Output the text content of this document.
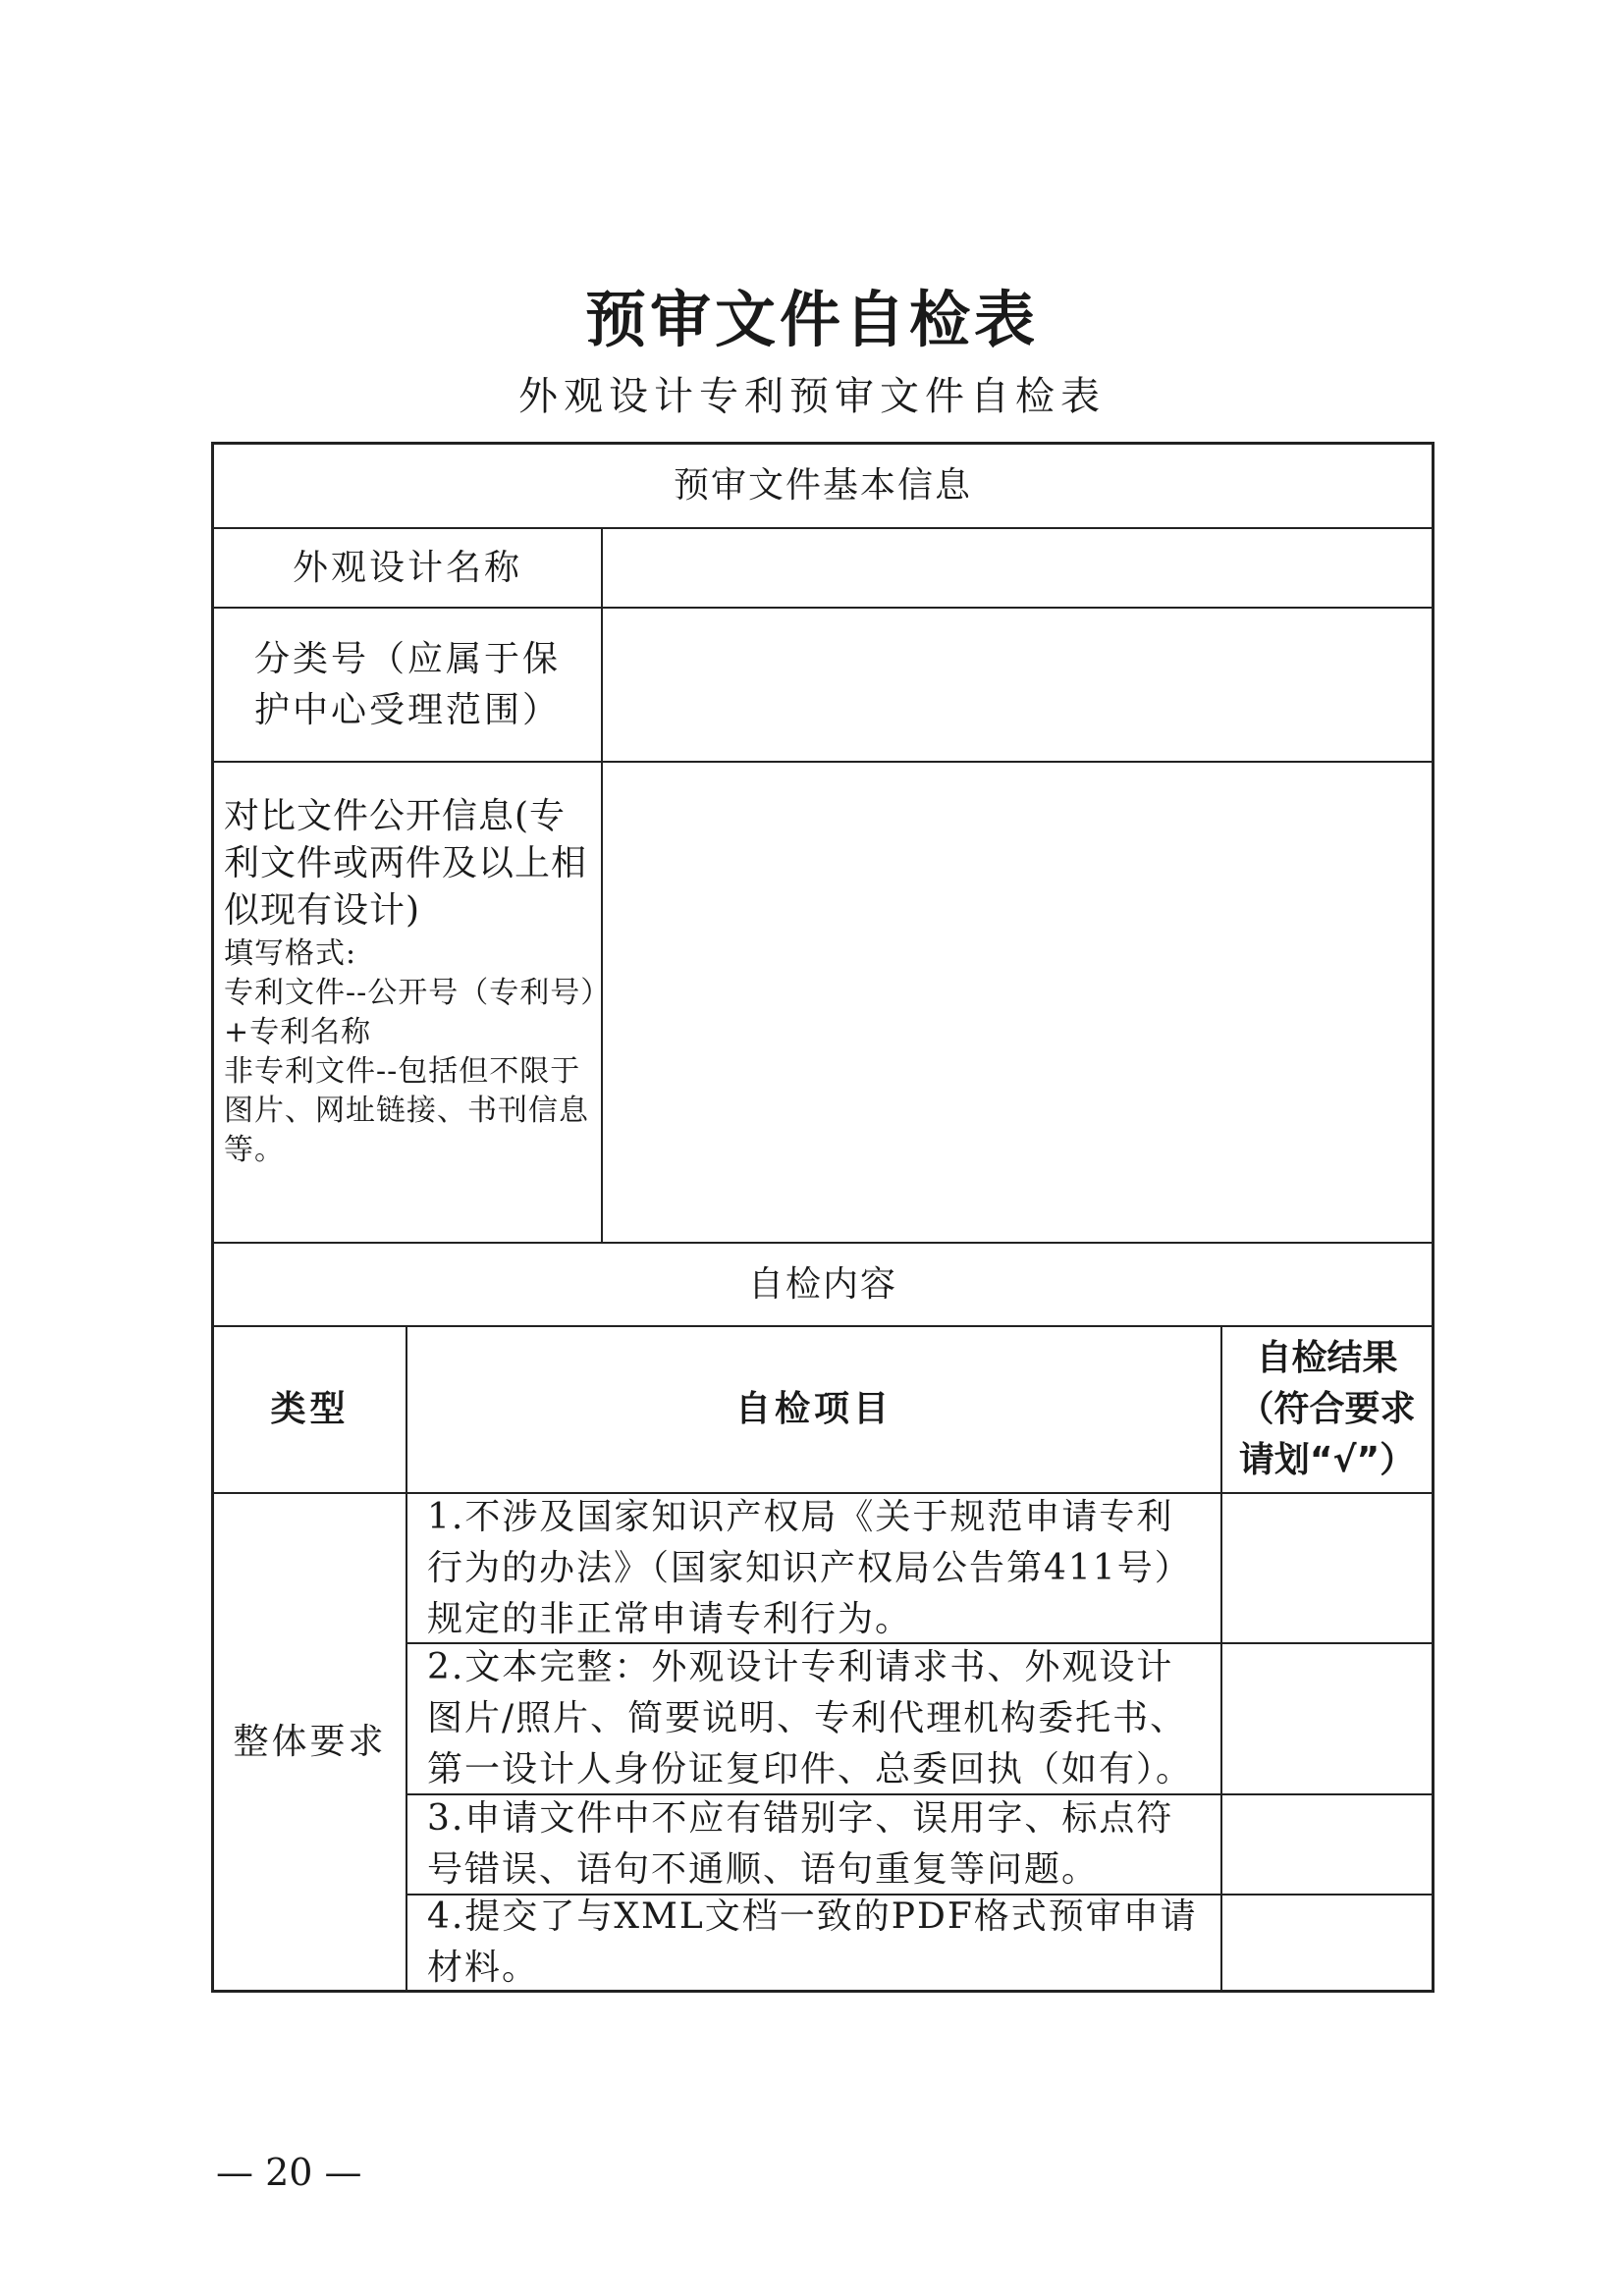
预审文件自检表
外观设计专利预审文件自检表
预审文件基本信息
外观设计名称
分类号（应属于保护中心受理范围）
对比文件公开信息(专利文件或两件及以上相似现有设计)
填写格式:
专利文件--公开号（专利号）+专利名称
非专利文件--包括但不限于图片、网址链接、书刊信息等。
自检内容
类型	自检项目
自检结果（符合要求请划“√”）
整体要求
1.不涉及国家知识产权局《关于规范申请专利行为的办法》（国家知识产权局公告第411号）规定的非正常申请专利行为。
2.文本完整：外观设计专利请求书、外观设计图片/照片、简要说明、专利代理机构委托书、第一设计人身份证复印件、总委回执（如有）。
3.申请文件中不应有错别字、误用字、标点符号错误、语句不通顺、语句重复等问题。
4.提交了与XML文档一致的PDF格式预审申请材料。
— 20 —
